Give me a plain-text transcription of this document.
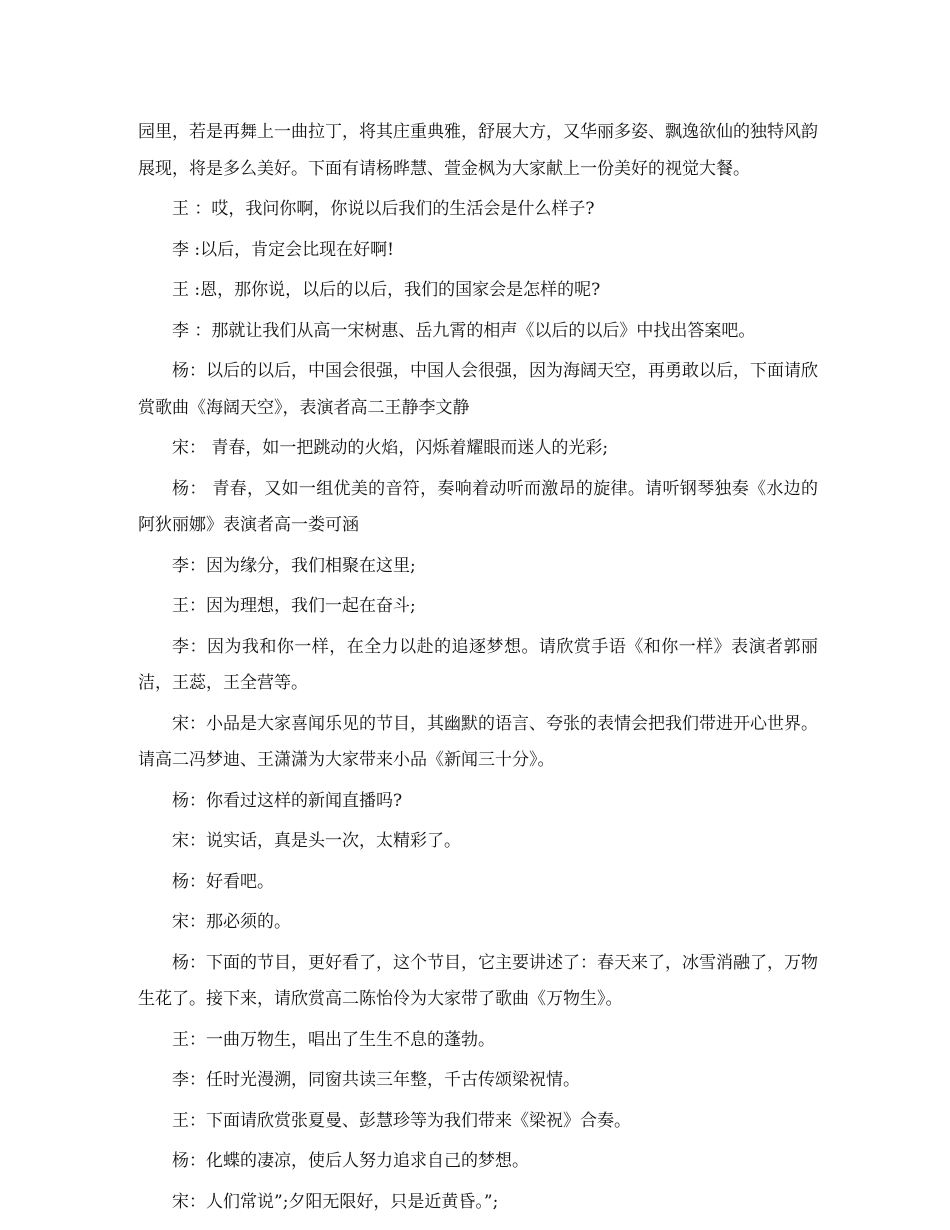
园里，若是再舞上一曲拉丁，将其庄重典雅，舒展大方，又华丽多姿、飘逸欲仙的独特风韵展现，将是多么美好。下面有请杨晔慧、萱金枫为大家献上一份美好的视觉大餐。

王 ：哎，我问你啊，你说以后我们的生活会是什么样子?

李 :以后，肯定会比现在好啊!

王 :恩，那你说，以后的以后，我们的国家会是怎样的呢?

李 ：那就让我们从高一宋树惠、岳九霄的相声《以后的以后》中找出答案吧。

杨：以后的以后，中国会很强，中国人会很强，因为海阔天空，再勇敢以后，下面请欣赏歌曲《海阔天空》，表演者高二王静李文静

宋： 青春，如一把跳动的火焰，闪烁着耀眼而迷人的光彩;

杨： 青春，又如一组优美的音符，奏响着动听而激昂的旋律。请听钢琴独奏《水边的阿狄丽娜》表演者高一娄可涵

李：因为缘分，我们相聚在这里;

王：因为理想，我们一起在奋斗;

李：因为我和你一样，在全力以赴的追逐梦想。请欣赏手语《和你一样》表演者郭丽洁，王蕊，王全营等。

宋：小品是大家喜闻乐见的节目，其幽默的语言、夸张的表情会把我们带进开心世界。请高二冯梦迪、王潇潇为大家带来小品《新闻三十分》。

杨：你看过这样的新闻直播吗?

宋：说实话，真是头一次，太精彩了。

杨：好看吧。

宋：那必须的。

杨：下面的节目，更好看了，这个节目，它主要讲述了：春天来了，冰雪消融了，万物生花了。接下来，请欣赏高二陈怡伶为大家带了歌曲《万物生》。

王：一曲万物生，唱出了生生不息的蓬勃。

李：任时光漫溯，同窗共读三年整，千古传颂梁祝情。

王：下面请欣赏张夏曼、彭慧珍等为我们带来《梁祝》合奏。

杨：化蝶的凄凉，使后人努力追求自己的梦想。

宋：人们常说”;夕阳无限好，只是近黄昏。”;
